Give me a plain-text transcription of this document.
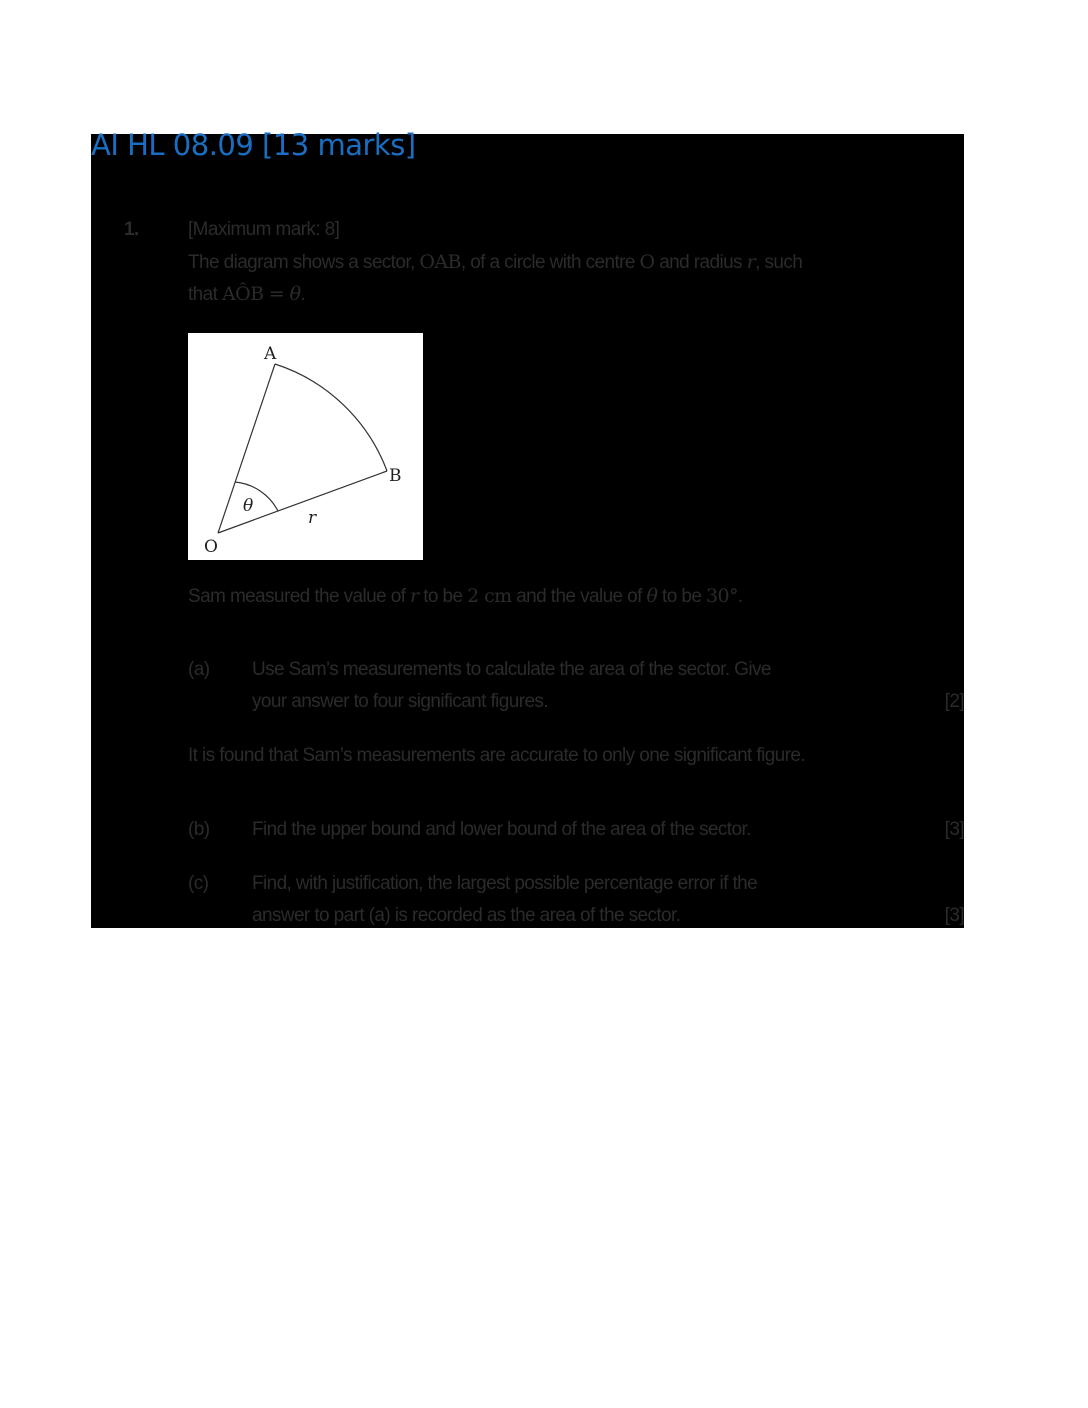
AI HL 08.09 [13 marks]
1.	[Maximum mark: 8]
The diagram shows a sector, OAB, of a circle with centre O and radius r, such
that AÔB = θ.
A
B
O
θ
r
Sam measured the value of r to be 2 cm and the value of θ to be 30°.
(a) Use Sam’s measurements to calculate the area of the sector. Give
your answer to four significant figures.	[2]
It is found that Sam’s measurements are accurate to only one significant figure.
(b) Find the upper bound and lower bound of the area of the sector.	[3]
(c) Find, with justification, the largest possible percentage error if the
answer to part (a) is recorded as the area of the sector.	[3]
